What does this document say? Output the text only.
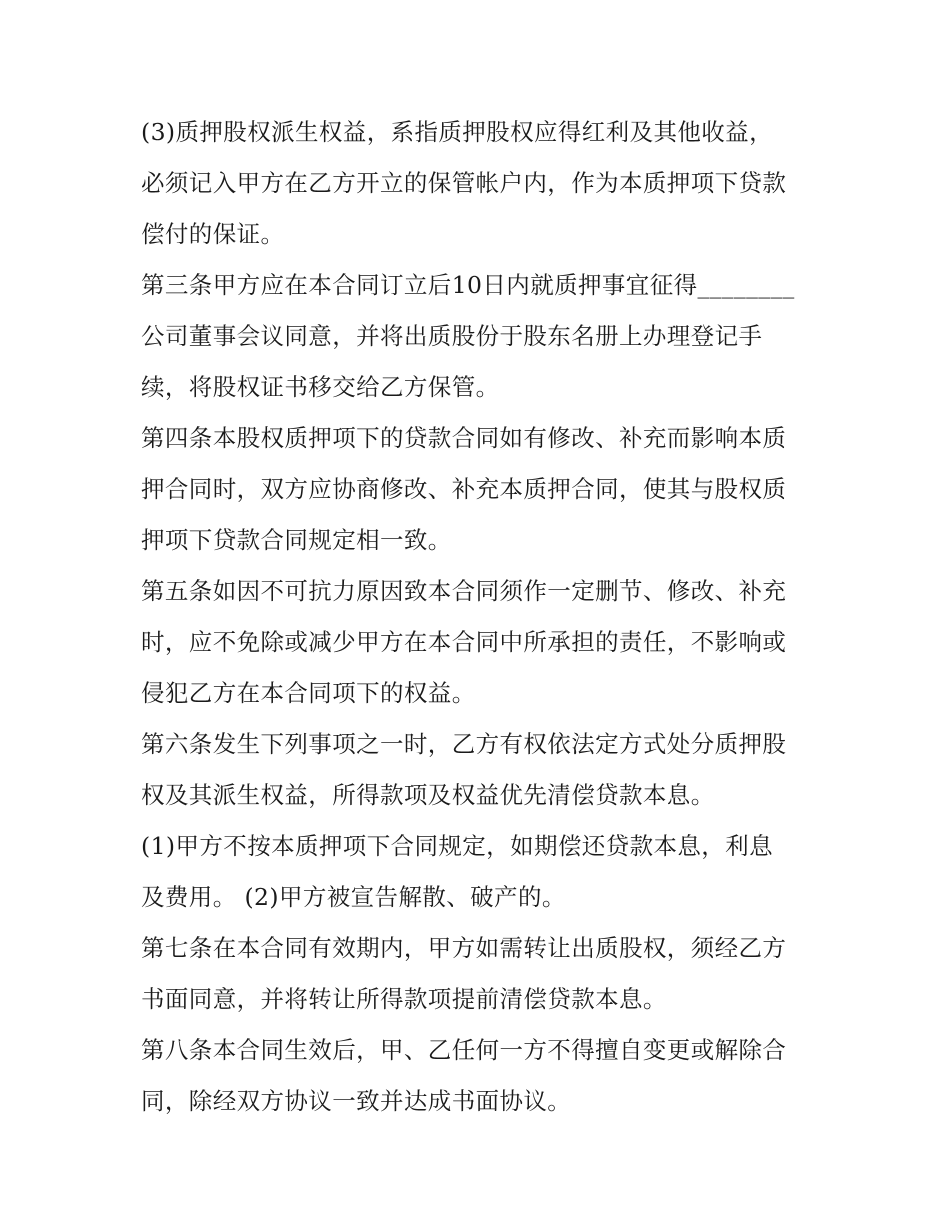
(3)质押股权派生权益，系指质押股权应得红利及其他收益，
必须记入甲方在乙方开立的保管帐户内，作为本质押项下贷款
偿付的保证。
第三条甲方应在本合同订立后10日内就质押事宜征得________
公司董事会议同意，并将出质股份于股东名册上办理登记手
续，将股权证书移交给乙方保管。
第四条本股权质押项下的贷款合同如有修改、补充而影响本质
押合同时，双方应协商修改、补充本质押合同，使其与股权质
押项下贷款合同规定相一致。
第五条如因不可抗力原因致本合同须作一定删节、修改、补充
时，应不免除或减少甲方在本合同中所承担的责任，不影响或
侵犯乙方在本合同项下的权益。
第六条发生下列事项之一时，乙方有权依法定方式处分质押股
权及其派生权益，所得款项及权益优先清偿贷款本息。
(1)甲方不按本质押项下合同规定，如期偿还贷款本息，利息
及费用。 (2)甲方被宣告解散、破产的。
第七条在本合同有效期内，甲方如需转让出质股权，须经乙方
书面同意，并将转让所得款项提前清偿贷款本息。
第八条本合同生效后，甲、乙任何一方不得擅自变更或解除合
同，除经双方协议一致并达成书面协议。
